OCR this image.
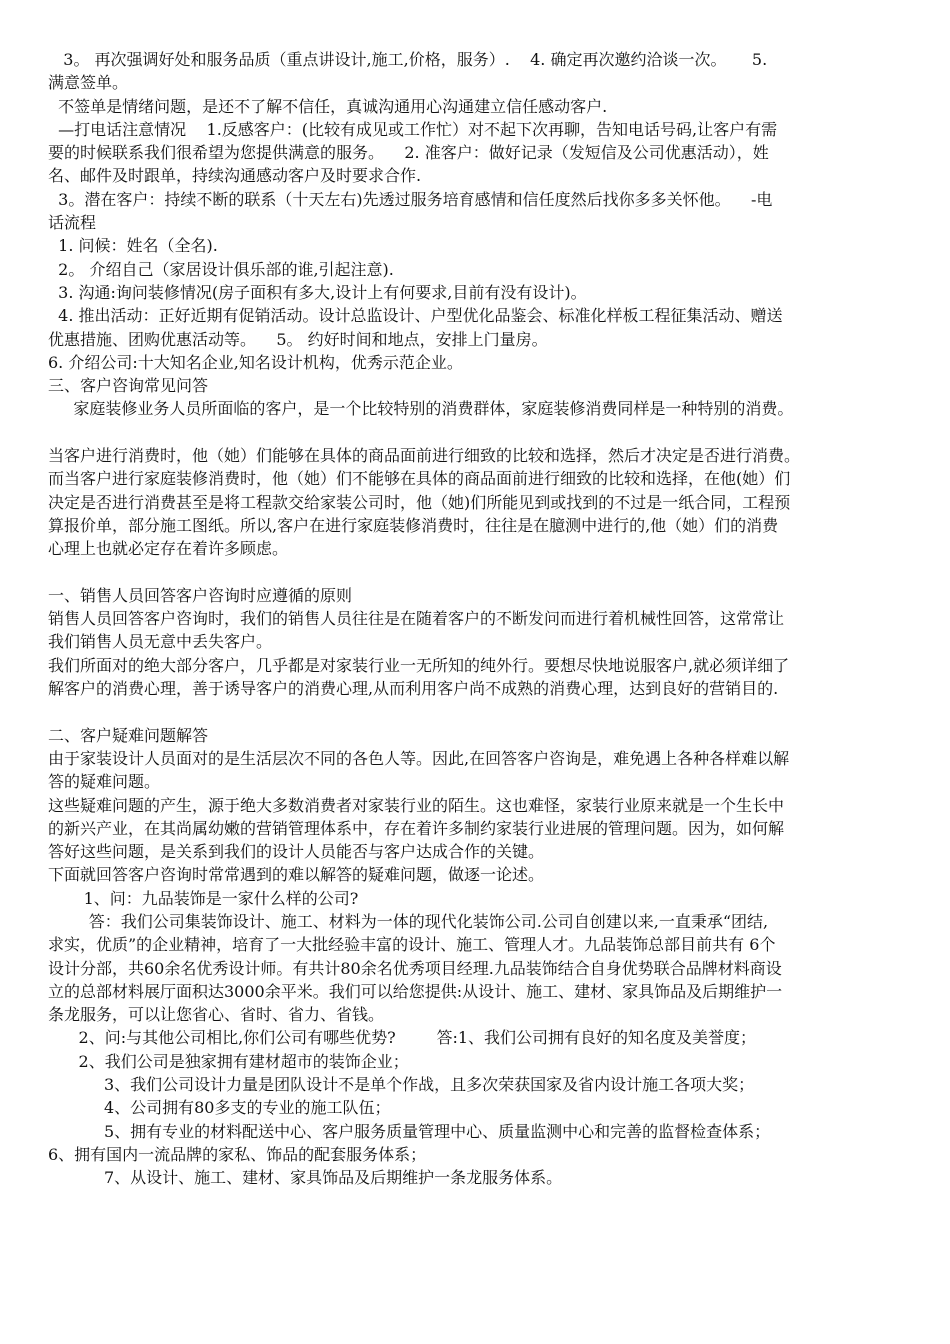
3。 再次强调好处和服务品质（重点讲设计,施工,价格，服务）.    4. 确定再次邀约洽谈一次。     5.
满意签单。
不签单是情绪问题，是还不了解不信任，真诚沟通用心沟通建立信任感动客户.
—打电话注意情况    1.反感客户：(比较有成见或工作忙）对不起下次再聊，告知电话号码,让客户有需
要的时候联系我们很希望为您提供满意的服务。    2. 准客户：做好记录（发短信及公司优惠活动），姓
名、邮件及时跟单，持续沟通感动客户及时要求合作.
3。潜在客户：持续不断的联系（十天左右)先透过服务培育感情和信任度然后找你多多关怀他。    -电
话流程
1. 问候：姓名（全名).
2。 介绍自己（家居设计俱乐部的谁,引起注意).
3. 沟通:询问装修情况(房子面积有多大,设计上有何要求,目前有没有设计)。
4. 推出活动：正好近期有促销活动。设计总监设计、户型优化品鉴会、标准化样板工程征集活动、赠送
优惠措施、团购优惠活动等。    5。 约好时间和地点，安排上门量房。
6. 介绍公司:十大知名企业,知名设计机构，优秀示范企业。
三、客户咨询常见问答
家庭装修业务人员所面临的客户，是一个比较特别的消费群体，家庭装修消费同样是一种特别的消费。
当客户进行消费时，他（她）们能够在具体的商品面前进行细致的比较和选择，然后才决定是否进行消费。
而当客户进行家庭装修消费时，他（她）们不能够在具体的商品面前进行细致的比较和选择，在他(她）们
决定是否进行消费甚至是将工程款交给家装公司时，他（她)们所能见到或找到的不过是一纸合同，工程预
算报价单，部分施工图纸。所以,客户在进行家庭装修消费时，往往是在臆测中进行的,他（她）们的消费
心理上也就必定存在着许多顾虑。
一、销售人员回答客户咨询时应遵循的原则
销售人员回答客户咨询时，我们的销售人员往往是在随着客户的不断发问而进行着机械性回答，这常常让
我们销售人员无意中丢失客户。
我们所面对的绝大部分客户，几乎都是对家装行业一无所知的纯外行。要想尽快地说服客户,就必须详细了
解客户的消费心理，善于诱导客户的消费心理,从而利用客户尚不成熟的消费心理，达到良好的营销目的.
二、客户疑难问题解答
由于家装设计人员面对的是生活层次不同的各色人等。因此,在回答客户咨询是，难免遇上各种各样难以解
答的疑难问题。
这些疑难问题的产生，源于绝大多数消费者对家装行业的陌生。这也难怪，家装行业原来就是一个生长中
的新兴产业，在其尚属幼嫩的营销管理体系中，存在着许多制约家装行业进展的管理问题。因为，如何解
答好这些问题，是关系到我们的设计人员能否与客户达成合作的关键。
下面就回答客户咨询时常常遇到的难以解答的疑难问题，做逐一论述。
1、问：九品装饰是一家什么样的公司?
答：我们公司集装饰设计、施工、材料为一体的现代化装饰公司.公司自创建以来,一直秉承“团结,
求实，优质”的企业精神，培育了一大批经验丰富的设计、施工、管理人才。九品装饰总部目前共有 6个
设计分部，共60余名优秀设计师。有共计80余名优秀项目经理.九品装饰结合自身优势联合品牌材料商设
立的总部材料展厅面积达3000余平米。我们可以给您提供:从设计、施工、建材、家具饰品及后期维护一
条龙服务，可以让您省心、省时、省力、省钱。
2、问:与其他公司相比,你们公司有哪些优势?        答:1、我们公司拥有良好的知名度及美誉度；
2、我们公司是独家拥有建材超市的装饰企业；
3、我们公司设计力量是团队设计不是单个作战，且多次荣获国家及省内设计施工各项大奖；
4、公司拥有80多支的专业的施工队伍；
5、拥有专业的材料配送中心、客户服务质量管理中心、质量监测中心和完善的监督检查体系；
6、拥有国内一流品牌的家私、饰品的配套服务体系；
7、从设计、施工、建材、家具饰品及后期维护一条龙服务体系。
